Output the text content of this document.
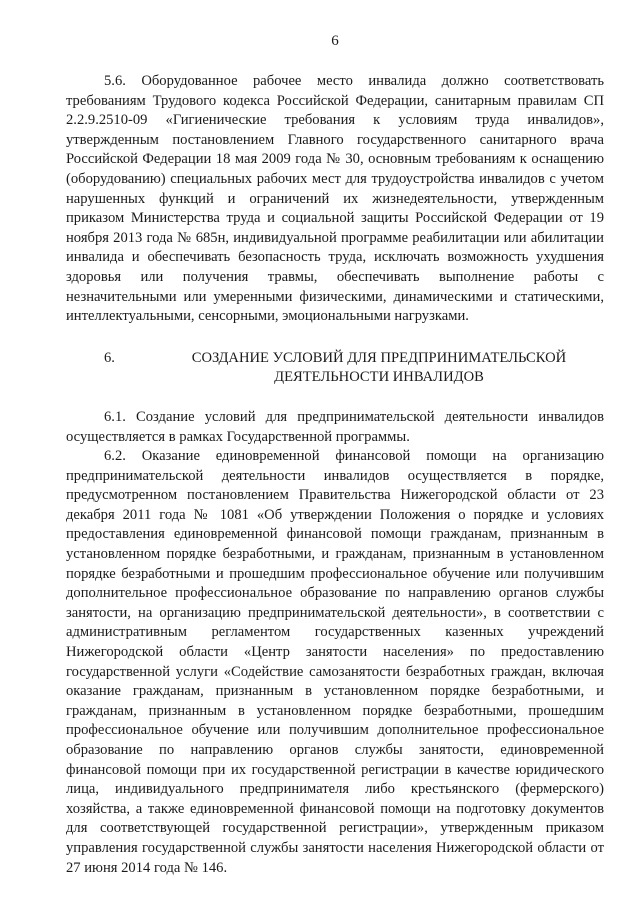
6

5.6. Оборудованное рабочее место инвалида должно соответствовать требованиям Трудового кодекса Российской Федерации, санитарным правилам СП 2.2.9.2510-09 «Гигиенические требования к условиям труда инвалидов», утвержденным постановлением Главного государственного санитарного врача Российской Федерации 18 мая 2009 года № 30, основным требованиям к оснащению (оборудованию) специальных рабочих мест для трудоустройства инвалидов с учетом нарушенных функций и ограничений их жизнедеятельности, утвержденным приказом Министерства труда и социальной защиты Российской Федерации от 19 ноября 2013 года № 685н, индивидуальной программе реабилитации или абилитации инвалида и обеспечивать безопасность труда, исключать возможность ухудшения здоровья или получения травмы, обеспечивать выполнение работы с незначительными или умеренными физическими, динамическими и статическими, интеллектуальными, сенсорными, эмоциональными нагрузками.

6.	СОЗДАНИЕ УСЛОВИЙ ДЛЯ ПРЕДПРИНИМАТЕЛЬСКОЙ
ДЕЯТЕЛЬНОСТИ ИНВАЛИДОВ

6.1. Создание условий для предпринимательской деятельности инвалидов осуществляется в рамках Государственной программы.

6.2. Оказание единовременной финансовой помощи на организацию предпринимательской деятельности инвалидов осуществляется в порядке, предусмотренном постановлением Правительства Нижегородской области от 23 декабря 2011 года № 1081 «Об утверждении Положения о порядке и условиях предоставления единовременной финансовой помощи гражданам, признанным в установленном порядке безработными, и гражданам, признанным в установленном порядке безработными и прошедшим профессиональное обучение или получившим дополнительное профессиональное образование по направлению органов службы занятости, на организацию предпринимательской деятельности», в соответствии с административным регламентом государственных казенных учреждений Нижегородской области «Центр занятости населения» по предоставлению государственной услуги «Содействие самозанятости безработных граждан, включая оказание гражданам, признанным в установленном порядке безработными, и гражданам, признанным в установленном порядке безработными, прошедшим профессиональное обучение или получившим дополнительное профессиональное образование по направлению органов службы занятости, единовременной финансовой помощи при их государственной регистрации в качестве юридического лица, индивидуального предпринимателя либо крестьянского (фермерского) хозяйства, а также единовременной финансовой помощи на подготовку документов для соответствующей государственной регистрации», утвержденным приказом управления государственной службы занятости населения Нижегородской области от 27 июня 2014 года № 146.
